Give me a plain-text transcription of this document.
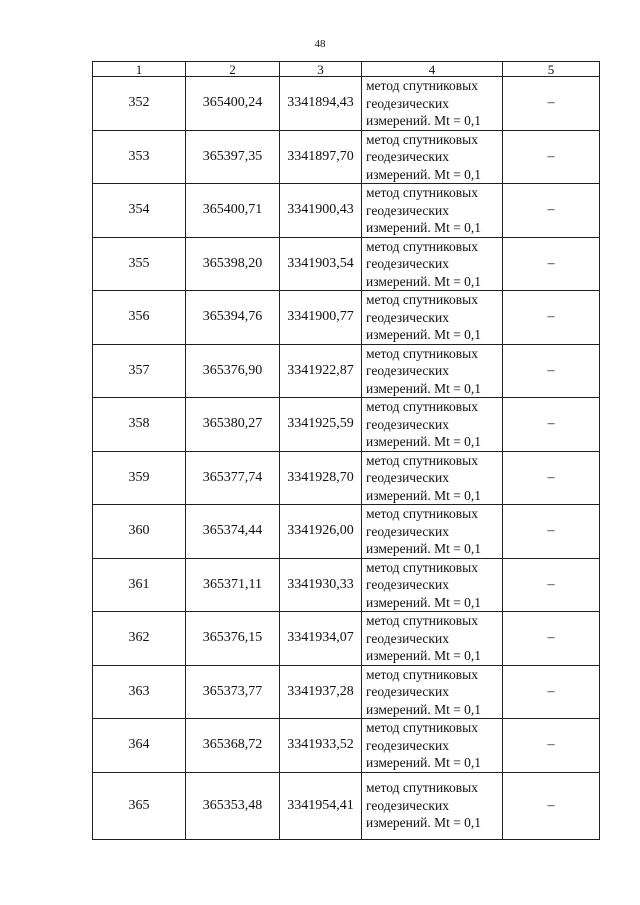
48
1	2	3	4	5
352	365400,24	3341894,43	метод спутниковых геодезических измерений. Mt = 0,1	–
353	365397,35	3341897,70	метод спутниковых геодезических измерений. Mt = 0,1	–
354	365400,71	3341900,43	метод спутниковых геодезических измерений. Mt = 0,1	–
355	365398,20	3341903,54	метод спутниковых геодезических измерений. Mt = 0,1	–
356	365394,76	3341900,77	метод спутниковых геодезических измерений. Mt = 0,1	–
357	365376,90	3341922,87	метод спутниковых геодезических измерений. Mt = 0,1	–
358	365380,27	3341925,59	метод спутниковых геодезических измерений. Mt = 0,1	–
359	365377,74	3341928,70	метод спутниковых геодезических измерений. Mt = 0,1	–
360	365374,44	3341926,00	метод спутниковых геодезических измерений. Mt = 0,1	–
361	365371,11	3341930,33	метод спутниковых геодезических измерений. Mt = 0,1	–
362	365376,15	3341934,07	метод спутниковых геодезических измерений. Mt = 0,1	–
363	365373,77	3341937,28	метод спутниковых геодезических измерений. Mt = 0,1	–
364	365368,72	3341933,52	метод спутниковых геодезических измерений. Mt = 0,1	–
365	365353,48	3341954,41	метод спутниковых геодезических измерений. Mt = 0,1	–
